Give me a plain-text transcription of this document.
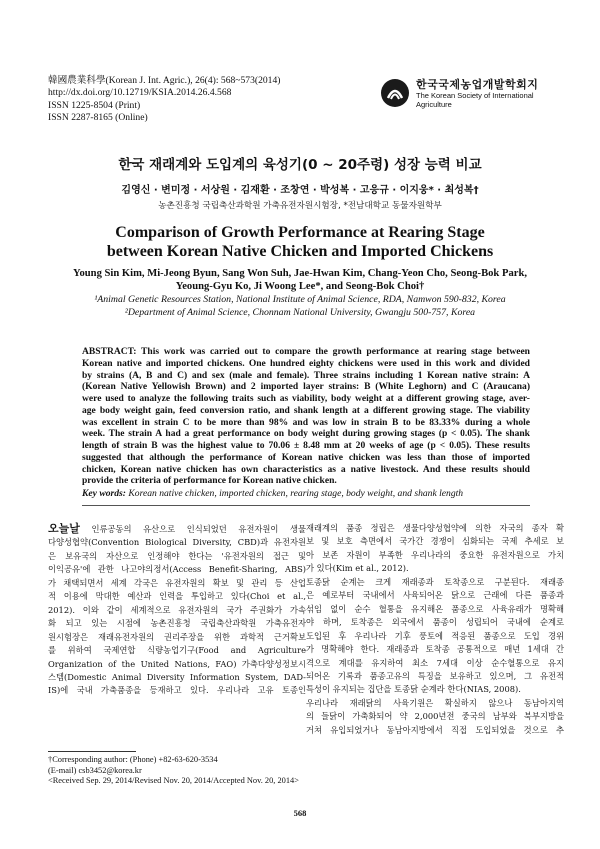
韓國農業科學(Korean J. Int. Agric.), 26(4): 568~573(2014)
http://dx.doi.org/10.12719/KSIA.2014.26.4.568
ISSN 1225-8504 (Print)
ISSN 2287-8165 (Online)
한국국제농업개발학회지
The Korean Society of International Agriculture
한국 재래계와 도입계의 육성기(0 ~ 20주령) 성장 능력 비교
김영신 · 변미정 · 서상원 · 김재환 · 조창연 · 박성복 · 고응규 · 이지웅* · 최성복†
농촌진흥청 국립축산과학원 가축유전자원시험장, *전남대학교 동물자원학부
Comparison of Growth Performance at Rearing Stage
between Korean Native Chicken and Imported Chickens
Young Sin Kim, Mi-Jeong Byun, Sang Won Suh, Jae-Hwan Kim, Chang-Yeon Cho, Seong-Bok Park,
Yeoung-Gyu Ko, Ji Woong Lee*, and Seong-Bok Choi†
¹Animal Genetic Resources Station, National Institute of Animal Science, RDA, Namwon 590-832, Korea
²Department of Animal Science, Chonnam National University, Gwangju 500-757, Korea
ABSTRACT: This work was carried out to compare the growth performance at rearing stage between
Korean native and imported chickens. One hundred eighty chickens were used in this work and divided
by strains (A, B and C) and sex (male and female). Three strains including 1 Korean native strain: A
(Korean Native Yellowish Brown) and 2 imported layer strains: B (White Leghorn) and C (Araucana)
were used to analyze the following traits such as viability, body weight at a different growing stage, aver-
age body weight gain, feed conversion ratio, and shank length at a different growing stage. The viability
was excellent in strain C to be more than 98% and was low in strain B to be 83.33% during a whole
week. The strain A had a great performance on body weight during growing stages (p < 0.05). The shank
length of strain B was the highest value to 70.06 ± 8.48 mm at 20 weeks of age (p < 0.05). These results
suggested that although the performance of Korean native chicken was less than those of imported
chicken, Korean native chicken has own characteristics as a native livestock. And these results should
provide the criteria of performance for Korean native chicken.
Key words: Korean native chicken, imported chicken, rearing stage, body weight, and shank length
오늘날 인류공동의 유산으로 인식되었던 유전자원이 생물
다양성협약(Convention Biological Diversity, CBD)과 유전자원
은 보유국의 자산으로 인정해야 한다는 '유전자원의 접근 및
이익공유'에 관한 나고야의정서(Access Benefit-Sharing, ABS)
가 채택되면서 세계 각국은 유전자원의 확보 및 관리 등 산업
적 이용에 막대한 예산과 인력을 투입하고 있다(Choi et al.,
2012). 이와 같이 세계적으로 유전자원의 국가 주권화가 가속
화 되고 있는 시점에 농촌진흥청 국립축산과학원 가축유전자
원시험장은 재래유전자원의 권리주장을 위한 과학적 근거확보
를 위하여 국제연합 식량농업기구(Food and Agriculture
Organization of the United Nations, FAO) 가축다양성정보시
스템(Domestic Animal Diversity Information System, DAD-
IS)에 국내 가축품종을 등재하고 있다. 우리나라 고유 토종인
재래계의 품종 정립은 생물다양성협약에 의한 자국의 종자 확
보 및 보호 측면에서 국가간 경쟁이 심화되는 국제 추세로 보
아 보존 자원이 부족한 우리나라의 중요한 유전자원으로 가치
가 있다(Kim et al., 2012).
토종닭 순계는 크게 재래종과 토착종으로 구분된다. 재래종
은 예로부터 국내에서 사육되어온 닭으로 근래에 다른 품종과
섞임 없이 순수 혈통을 유지해온 품종으로 사육유래가 명확해
야 하며, 토착종은 외국에서 품종이 성립되어 국내에 순계로
도입된 후 우리나라 기후 풍토에 적응된 품종으로 도입 경위
가 명확해야 한다. 재래종과 토착종 공통적으로 매년 1세대 간
격으로 계대를 유지하여 최소 7세대 이상 순수혈통으로 유지
되어온 기록과 품종고유의 특징을 보유하고 있으며, 그 유전적
특성이 유지되는 집단을 토종닭 순계라 한다(NIAS, 2008).
우리나라 재래닭의 사육기원은 확실하지 않으나 동남아지역
의 들닭이 가축화되어 약 2,000년전 중국의 남부와 북부지방을
거쳐 유입되었거나 동남아지방에서 직접 도입되었을 것으로 추
†Corresponding author: (Phone) +82-63-620-3534
(E-mail) csb3452@korea.kr
<Received Sep. 29, 2014/Revised Nov. 20, 2014/Accepted Nov. 20, 2014>
568
